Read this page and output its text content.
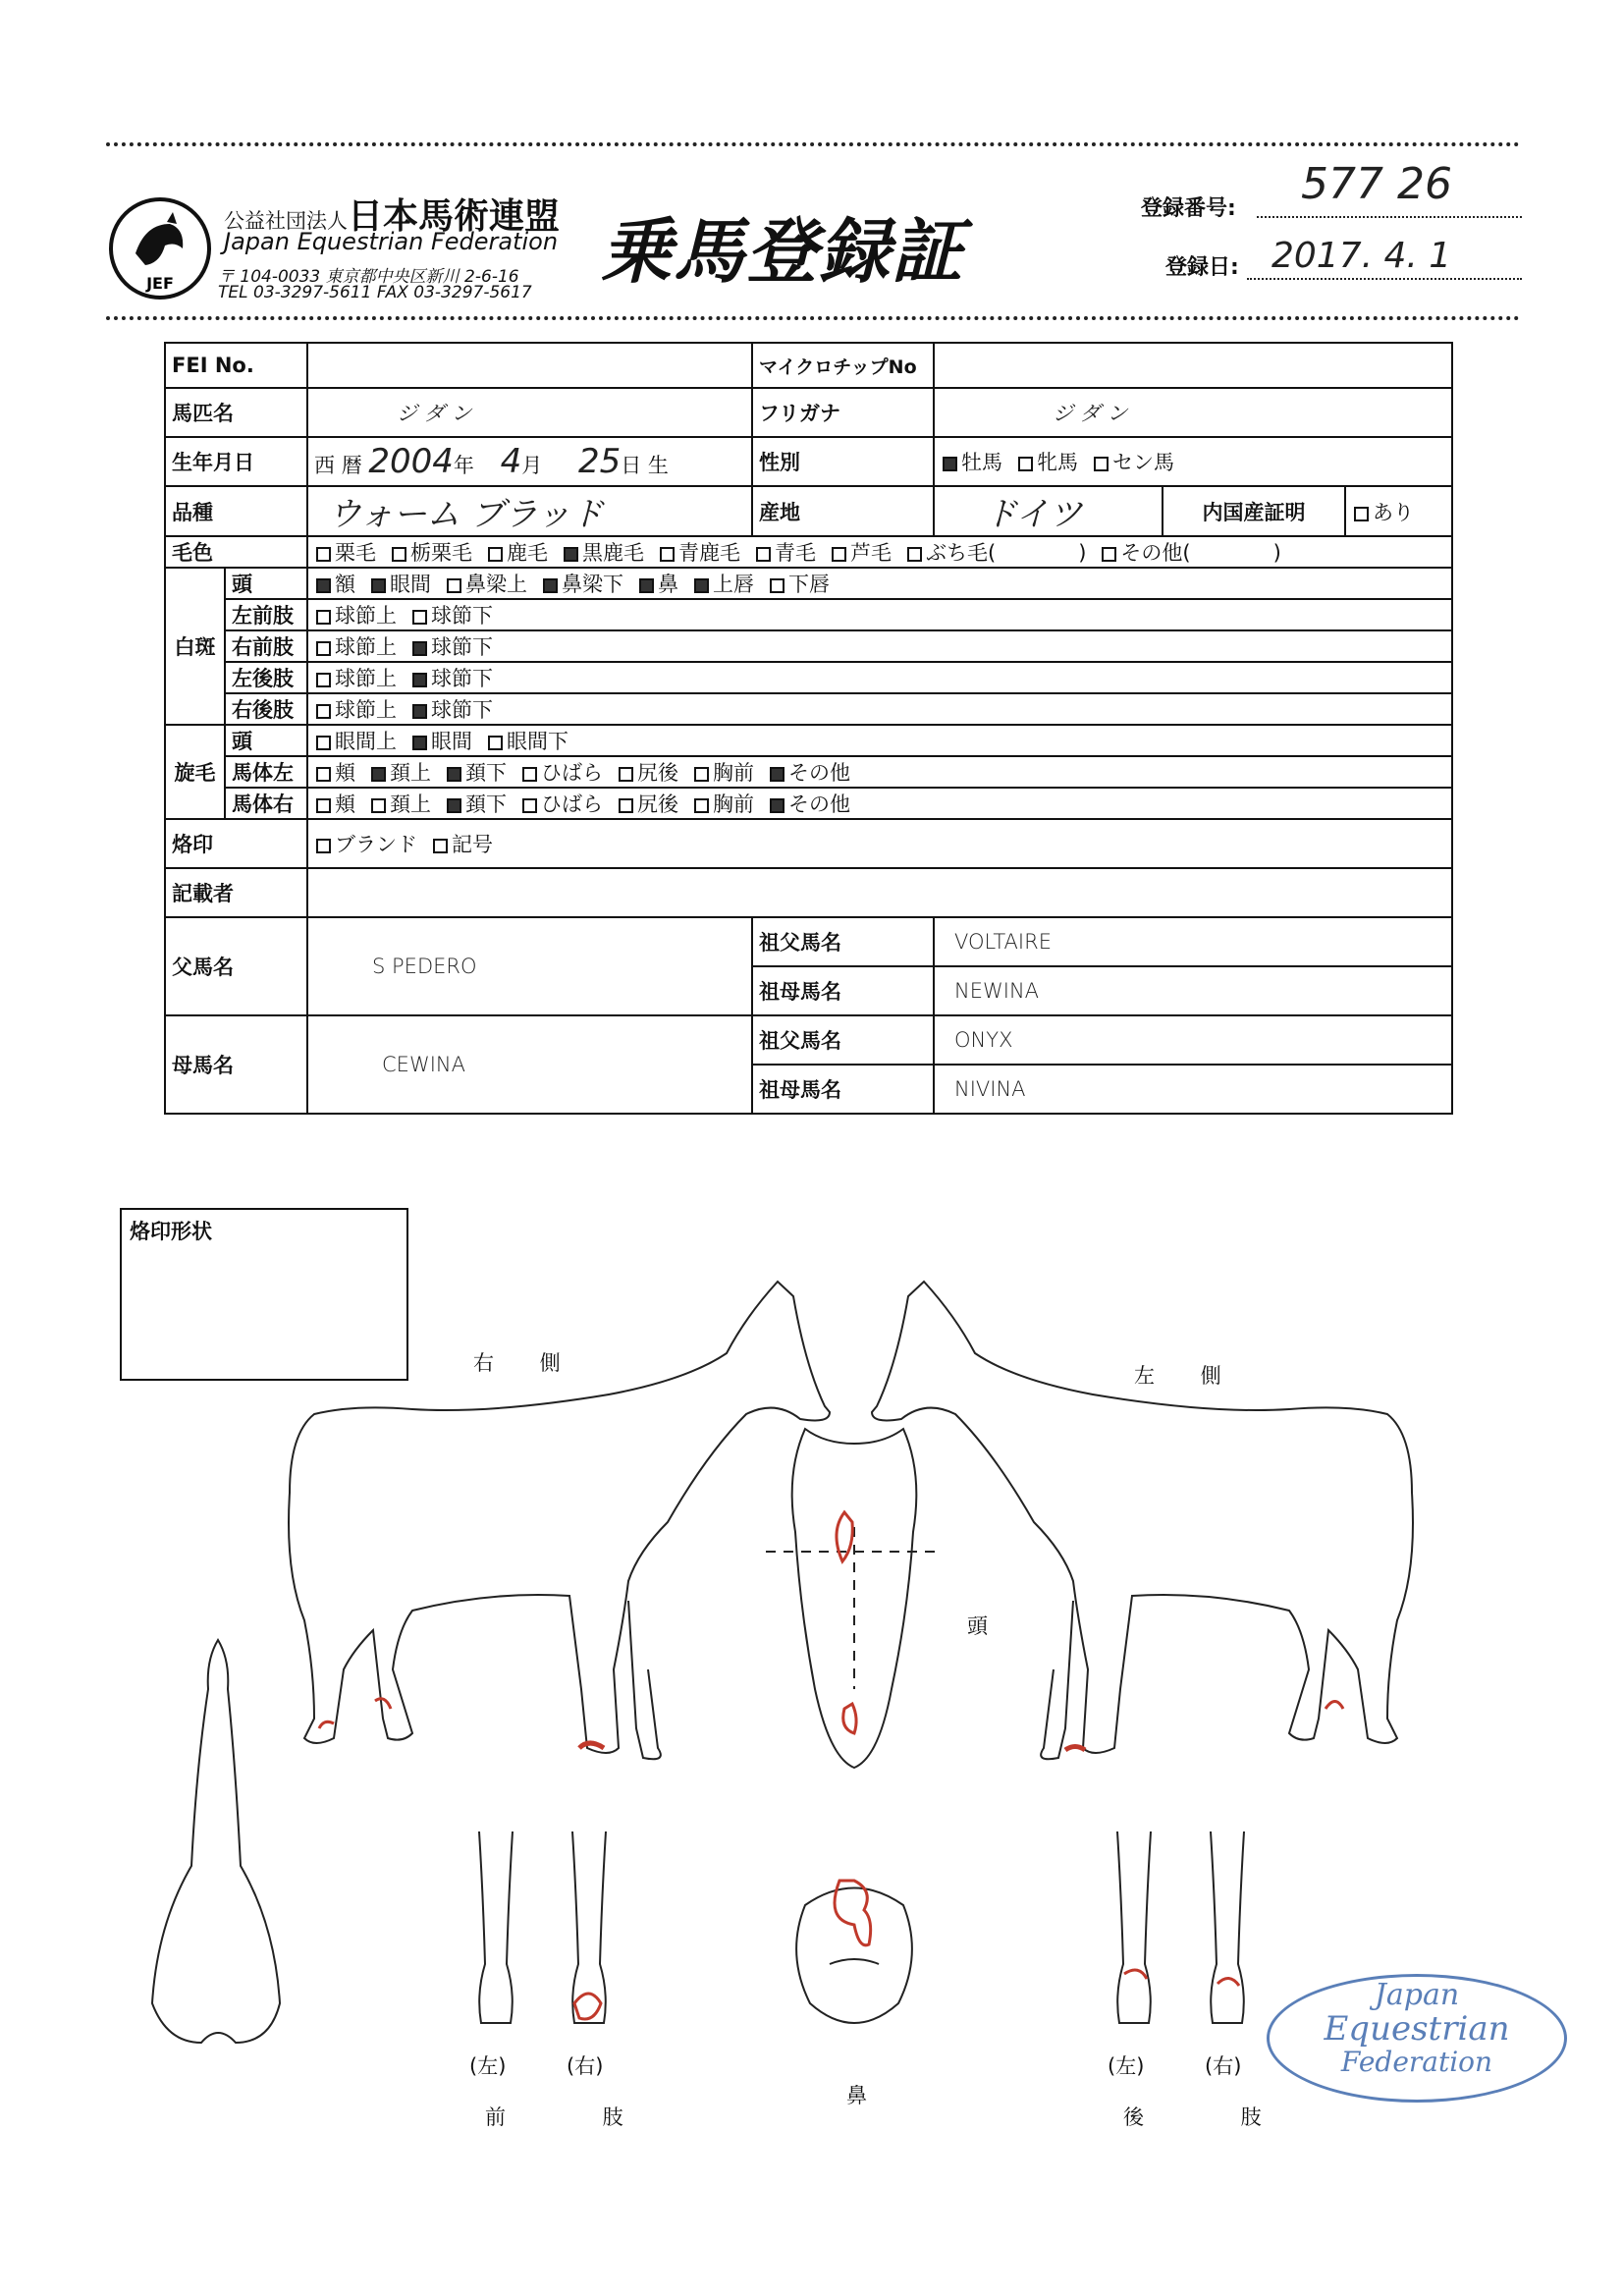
JEF
公益社団法人日本馬術連盟
Japan Equestrian Federation
〒 104-0033 東京都中央区新川 2-6-16
TEL 03-3297-5611 FAX 03-3297-5617 乗馬登録証
登録番号: 577 26
登録日: 2017. 4. 1
FEI No.			マイクロチップNo			
馬匹名		ジ ダ ン	フリガナ	ジ ダ ン		
生年月日		西 暦 2004年 4月 25日 生	性別	牡馬 牝馬 セン馬		
品種		ウォーム ブラッド	産地	ドイツ	内国産証明	あり
毛色		栗毛 栃栗毛 鹿毛 黒鹿毛 青鹿毛 青毛 芦毛 ぶち毛( ) その他( )				
白斑	頭	額 眼間 鼻梁上 鼻梁下 鼻 上唇 下唇				
	左前肢	球節上 球節下				
	右前肢	球節上 球節下				
	左後肢	球節上 球節下				
	右後肢	球節上 球節下				
旋毛	頭	眼間上 眼間 眼間下				
	馬体左	頬 頚上 頚下 ひばら 尻後 胸前 その他				
	馬体右	頬 頚上 頚下 ひばら 尻後 胸前 その他				
烙印		ブランド 記号				
記載者						
父馬名		S PEDERO	祖父馬名	VOLTAIRE		
			祖母馬名	NEWINA		
母馬名		CEWINA	祖父馬名	ONYX		
			祖母馬名	NIVINA		
烙印形状
右 側
左 側
頭
鼻
(左)	(右)
前 肢
(左)	(右)
後 肢
Japan
Equestrian
Federation
